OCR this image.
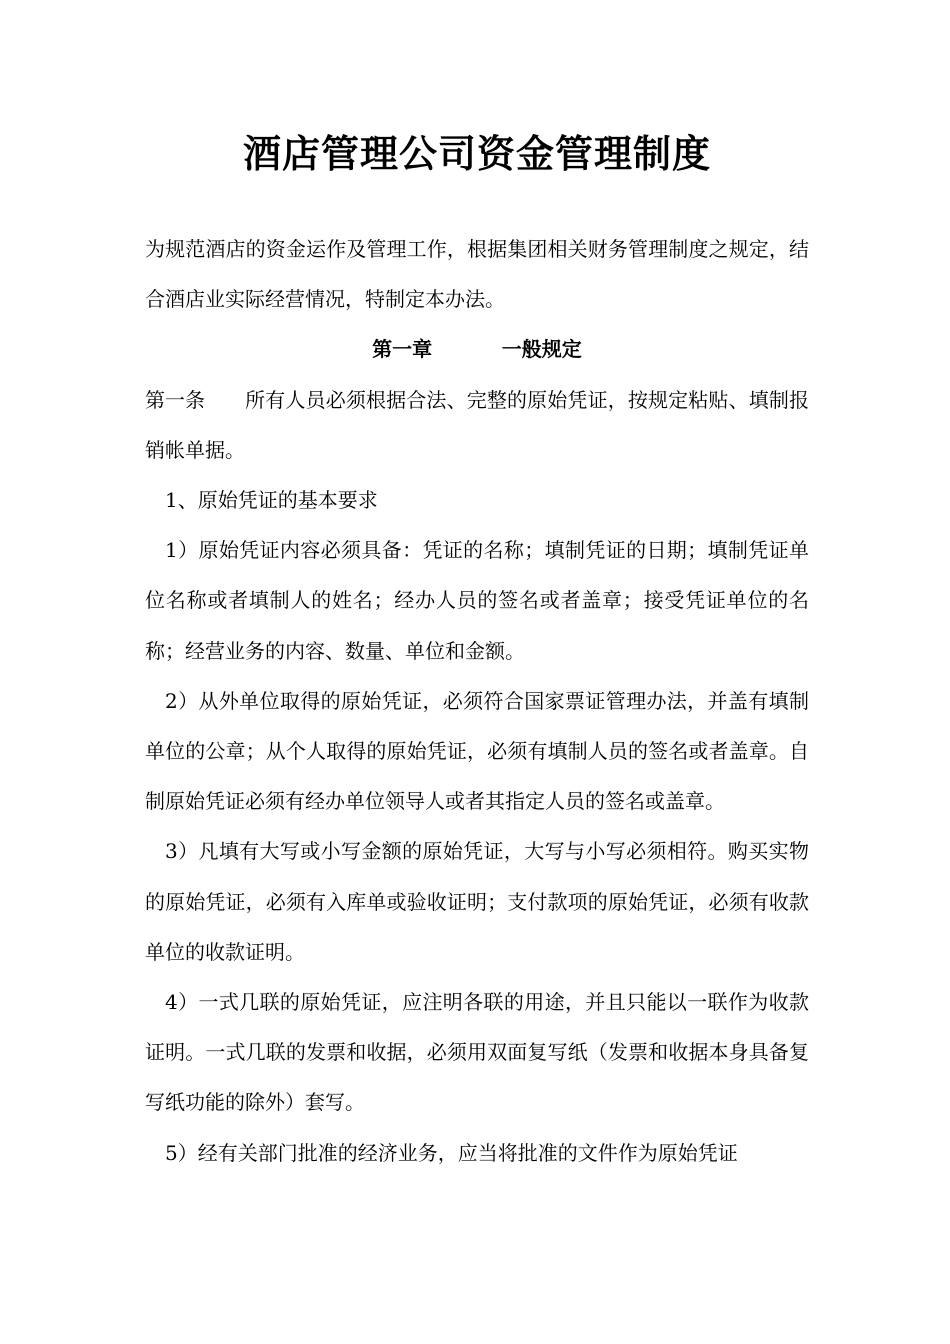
酒店管理公司资金管理制度

为规范酒店的资金运作及管理工作，根据集团相关财务管理制度之规定，结合酒店业实际经营情况，特制定本办法。

第一章          一般规定

第一条 所有人员必须根据合法、完整的原始凭证，按规定粘贴、填制报销帐单据。

1、原始凭证的基本要求

1）原始凭证内容必须具备：凭证的名称；填制凭证的日期；填制凭证单位名称或者填制人的姓名；经办人员的签名或者盖章；接受凭证单位的名称；经营业务的内容、数量、单位和金额。

2）从外单位取得的原始凭证，必须符合国家票证管理办法，并盖有填制单位的公章；从个人取得的原始凭证，必须有填制人员的签名或者盖章。自制原始凭证必须有经办单位领导人或者其指定人员的签名或盖章。

3）凡填有大写或小写金额的原始凭证，大写与小写必须相符。购买实物的原始凭证，必须有入库单或验收证明；支付款项的原始凭证，必须有收款单位的收款证明。

4）一式几联的原始凭证，应注明各联的用途，并且只能以一联作为收款证明。一式几联的发票和收据，必须用双面复写纸（发票和收据本身具备复写纸功能的除外）套写。

5）经有关部门批准的经济业务，应当将批准的文件作为原始凭证
